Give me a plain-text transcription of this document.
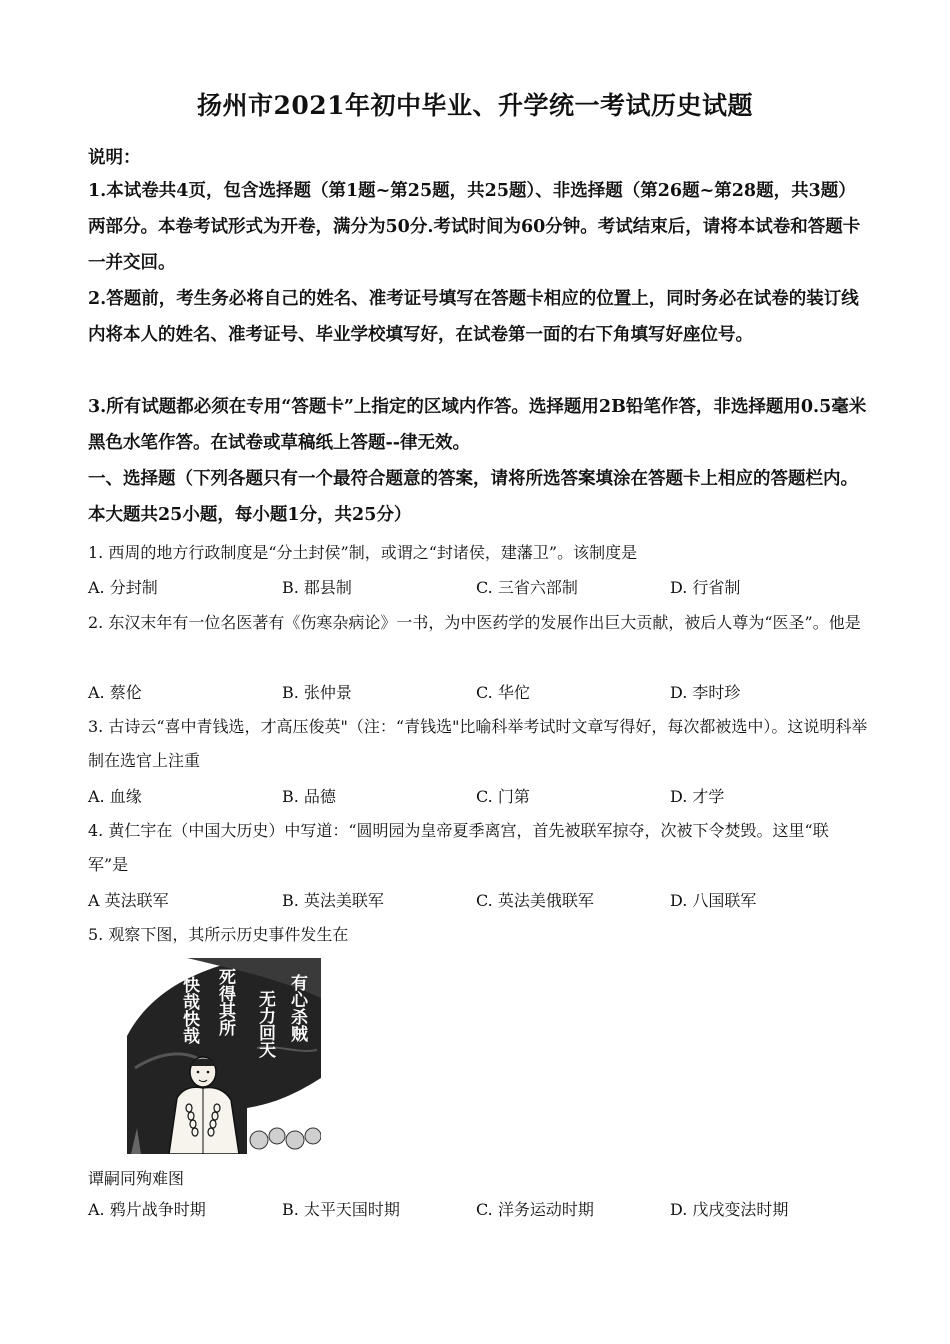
扬州市2021年初中毕业、升学统一考试历史试题
说明：
1.本试卷共4页，包含选择题（第1题~第25题，共25题）、非选择题（第26题~第28题，共3题）两部分。本卷考试形式为开卷，满分为50分.考试时间为60分钟。考试结束后，请将本试卷和答题卡一并交回。
2.答题前，考生务必将自己的姓名、准考证号填写在答题卡相应的位置上，同时务必在试卷的装订线内将本人的姓名、准考证号、毕业学校填写好，在试卷第一面的右下角填写好座位号。
3.所有试题都必须在专用“答题卡”上指定的区域内作答。选择题用2B铅笔作答，非选择题用0.5毫米黑色水笔作答。在试卷或草稿纸上答题--律无效。
一、选择题（下列各题只有一个最符合题意的答案，请将所选答案填涂在答题卡上相应的答题栏内。本大题共25小题，每小题1分，共25分）
1. 西周的地方行政制度是“分土封侯”制，或谓之“封诸侯，建藩卫”。该制度是
A. 分封制	B. 郡县制	C. 三省六部制	D. 行省制
2. 东汉末年有一位名医著有《伤寒杂病论》一书，为中医药学的发展作出巨大贡献，被后人尊为“医圣”。他是
A. 蔡伦	B. 张仲景	C. 华佗	D. 李时珍
3. 古诗云“喜中青钱选，才高压俊英"（注：“青钱选"比喻科举考试时文章写得好，每次都被选中）。这说明科举制在选官上注重
A. 血缘	B. 品德	C. 门第	D. 才学
4. 黄仁宇在（中国大历史）中写道：“圆明园为皇帝夏季离宫，首先被联军掠夺，次被下令焚毁。这里“联军”是
A 英法联军	B. 英法美联军	C. 英法美俄联军	D. 八国联军
5. 观察下图，其所示历史事件发生在
有心杀贼
无力回天
死得其所
快哉快哉
谭嗣同殉难图
A. 鸦片战争时期	B. 太平天国时期	C. 洋务运动时期	D. 戊戌变法时期
